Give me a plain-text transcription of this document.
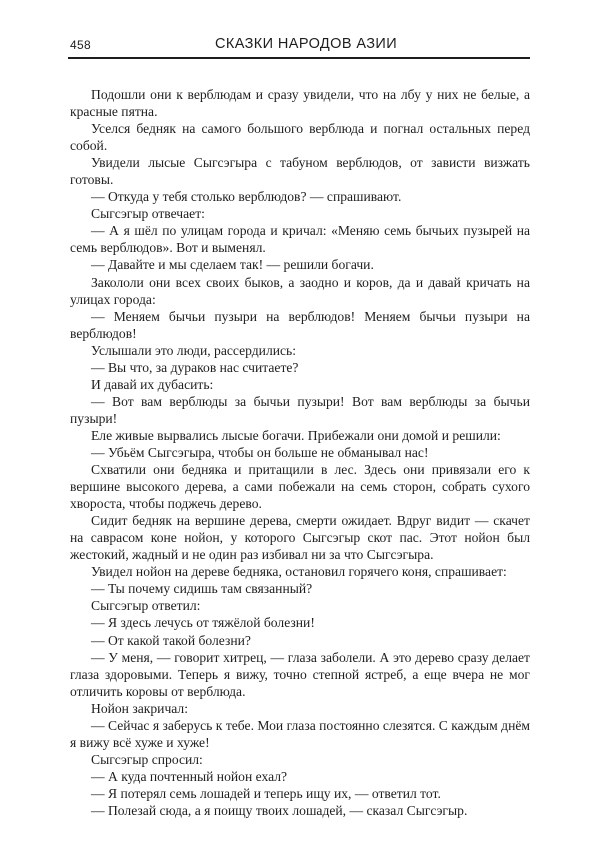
458	СКАЗКИ НАРОДОВ АЗИИ

Подошли они к верблюдам и сразу увидели, что на лбу у них не белые, а красные пятна.

Уселся бедняк на самого большого верблюда и погнал остальных перед собой.

Увидели лысые Сыгсэгыра с табуном верблюдов, от зависти визжать готовы.

— Откуда у тебя столько верблюдов? — спрашивают.

Сыгсэгыр отвечает:

— А я шёл по улицам города и кричал: «Меняю семь бычьих пузырей на семь верблюдов». Вот и выменял.

— Давайте и мы сделаем так! — решили богачи.

Закололи они всех своих быков, а заодно и коров, да и давай кричать на улицах города:

— Меняем бычьи пузыри на верблюдов! Меняем бычьи пузыри на верблюдов!

Услышали это люди, рассердились:

— Вы что, за дураков нас считаете?

И давай их дубасить:

— Вот вам верблюды за бычьи пузыри! Вот вам верблюды за бычьи пузыри!

Еле живые вырвались лысые богачи. Прибежали они домой и решили:

— Убьём Сыгсэгыра, чтобы он больше не обманывал нас!

Схватили они бедняка и притащили в лес. Здесь они привязали его к вершине высокого дерева, а сами побежали на семь сторон, собрать сухого хвороста, чтобы поджечь дерево.

Сидит бедняк на вершине дерева, смерти ожидает. Вдруг видит — скачет на савраcом коне нойон, у которого Сыгсэгыр скот пас. Этот нойон был жестокий, жадный и не один раз избивал ни за что Сыгсэгыра.

Увидел нойон на дереве бедняка, остановил горячего коня, спрашивает:

— Ты почему сидишь там связанный?

Сыгсэгыр ответил:

— Я здесь лечусь от тяжёлой болезни!

— От какой такой болезни?

— У меня, — говорит хитрец, — глаза заболели. А это дерево сразу делает глаза здоровыми. Теперь я вижу, точно степной ястреб, а еще вчера не мог отличить коровы от верблюда.

Нойон закричал:

— Сейчас я заберусь к тебе. Мои глаза постоянно слезятся. С каждым днём я вижу всё хуже и хуже!

Сыгсэгыр спросил:

— А куда почтенный нойон ехал?

— Я потерял семь лошадей и теперь ищу их, — ответил тот.

— Полезай сюда, а я поищу твоих лошадей, — сказал Сыгсэгыр.
